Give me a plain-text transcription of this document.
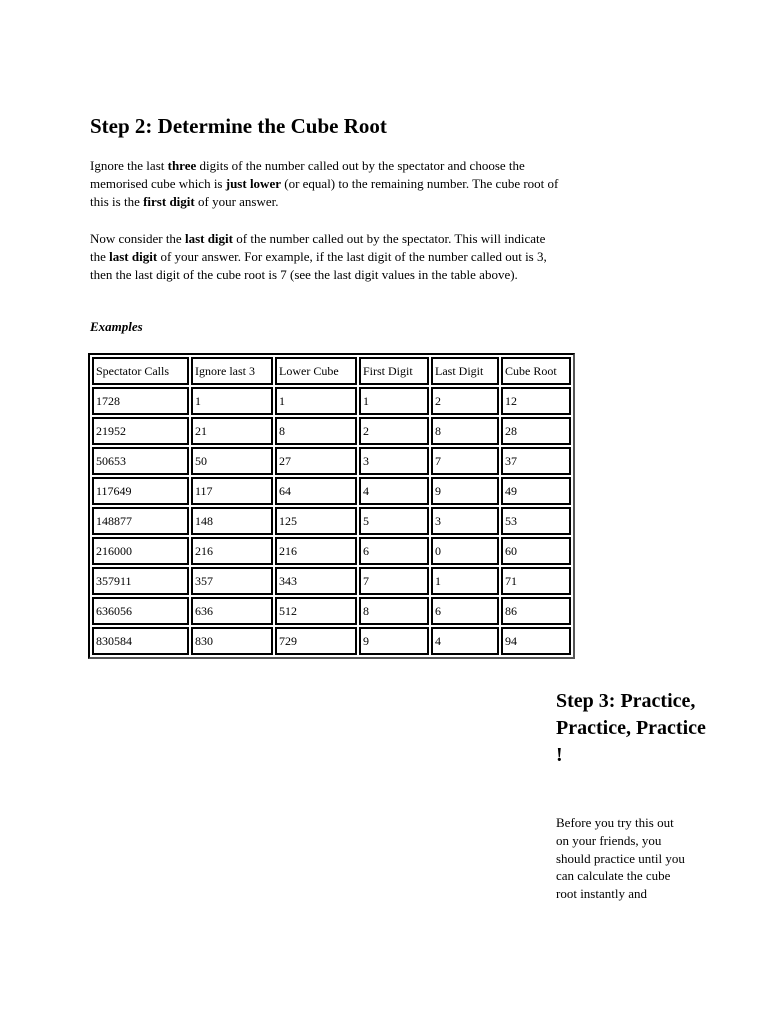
Step 2: Determine the Cube Root

Ignore the last three digits of the number called out by the spectator and choose the memorised cube which is just lower (or equal) to the remaining number. The cube root of this is the first digit of your answer.

Now consider the last digit of the number called out by the spectator. This will indicate the last digit of your answer. For example, if the last digit of the number called out is 3, then the last digit of the cube root is 7 (see the last digit values in the table above).

Examples

Spectator Calls	Ignore last 3	Lower Cube	First Digit	Last Digit	Cube Root
1728	1	1	1	2	12
21952	21	8	2	8	28
50653	50	27	3	7	37
117649	117	64	4	9	49
148877	148	125	5	3	53
216000	216	216	6	0	60
357911	357	343	7	1	71
636056	636	512	8	6	86
830584	830	729	9	4	94
Step 3: Practice, Practice, Practice !

Before you try this out on your friends, you should practice until you can calculate the cube root instantly and
